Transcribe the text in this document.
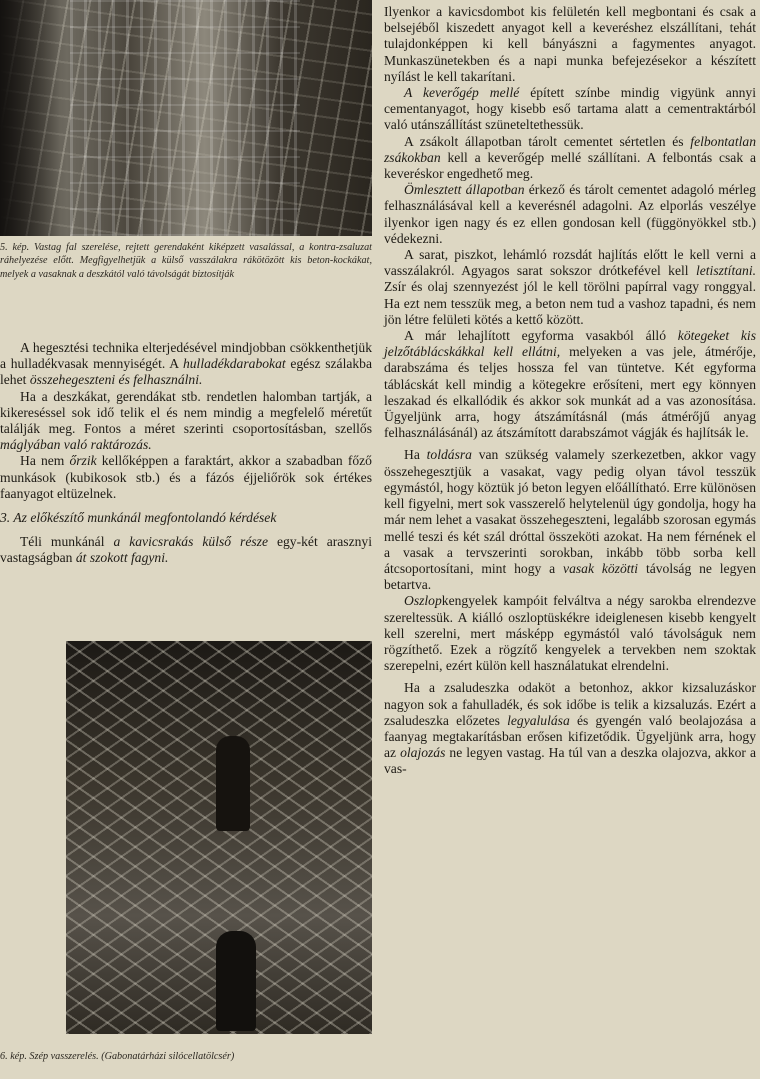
5. kép. Vastag fal szerelése, rejtett gerendaként kiképzett vasalással, a kontra-zsaluzat ráhelyezése előtt. Megfigyelhetjük a külső vasszálakra rákötözött kis beton-kockákat, melyek a vasaknak a deszkától való távolságát biztosítják

A hegesztési technika elterjedésével mindjobban csökkenthetjük a hulladékvasak mennyiségét. A hulladékdarabokat egész szálakba lehet összehegeszteni és felhasználni.

Ha a deszkákat, gerendákat stb. rendetlen halomban tartják, a kikereséssel sok idő telik el és nem mindig a megfelelő méretűt találják meg. Fontos a méret szerinti csoportosításban, szellős máglyában való raktározás.

Ha nem őrzik kellőképpen a faraktárt, akkor a szabadban főző munkások (kubikosok stb.) és a fázós éjjeliőrök sok értékes faanyagot eltüzelnek.

3. Az előkészítő munkánál megfontolandó kérdések

Téli munkánál a kavicsrakás külső része egy-két arasznyi vastagságban át szokott fagyni.

6. kép. Szép vasszerelés. (Gabonatárházi silócellatölcsér)

Ilyenkor a kavicsdombot kis felületén kell megbontani és csak a belsejéből kiszedett anyagot kell a keveréshez elszállítani, tehát tulajdonképpen ki kell bányászni a fagymentes anyagot. Munkaszünetekben és a napi munka befejezésekor a készített nyílást le kell takarítani.

A keverőgép mellé épített színbe mindig vigyünk annyi cementanyagot, hogy kisebb eső tartama alatt a cementraktárból való utánszállítást szüneteltethessük.

A zsákolt állapotban tárolt cementet sértetlen és felbontatlan zsákokban kell a keverőgép mellé szállítani. A felbontás csak a keveréskor engedhető meg.

Ömlesztett állapotban érkező és tárolt cementet adagoló mérleg felhasználásával kell a keverésnél adagolni. Az elporlás veszélye ilyenkor igen nagy és ez ellen gondosan kell (függönyökkel stb.) védekezni.

A sarat, piszkot, lehámló rozsdát hajlítás előtt le kell verni a vasszálakról. Agyagos sarat sokszor drótkefével kell letisztítani. Zsír és olaj szennyezést jól le kell törölni papírral vagy ronggyal. Ha ezt nem tesszük meg, a beton nem tud a vashoz tapadni, és nem jön létre felületi kötés a kettő között.

A már lehajlított egyforma vasakból álló kötegeket kis jelzőtáblácskákkal kell ellátni, melyeken a vas jele, átmérője, darabszáma és teljes hossza fel van tüntetve. Két egyforma táblácskát kell mindig a kötegekre erősíteni, mert egy könnyen leszakad és elkallódik és akkor sok munkát ad a vas azonosítása. Ügyeljünk arra, hogy átszámításnál (más átmérőjű anyag felhasználásánál) az átszámított darabszámot vágják és hajlítsák le.

Ha toldásra van szükség valamely szerkezetben, akkor vagy összehegesztjük a vasakat, vagy pedig olyan távol tesszük egymástól, hogy köztük jó beton legyen előállítható. Erre különösen kell figyelni, mert sok vasszerelő helytelenül úgy gondolja, hogy ha már nem lehet a vasakat összehegeszteni, legalább szorosan egymás mellé teszi és két szál dróttal összeköti azokat. Ha nem férnének el a vasak a tervszerinti sorokban, inkább több sorba kell átcsoportosítani, mint hogy a vasak közötti távolság ne legyen betartva.

Oszlopkengyelek kampóit felváltva a négy sarokba elrendezve szereltessük. A kiálló oszloptüskékre ideiglenesen kisebb kengyelt kell szerelni, mert másképp egymástól való távolságuk nem rögzíthető. Ezek a rögzítő kengyelek a tervekben nem szoktak szerepelni, ezért külön kell használatukat elrendelni.

Ha a zsaludeszka odaköt a betonhoz, akkor kizsaluzáskor nagyon sok a fahulladék, és sok időbe is telik a kizsaluzás. Ezért a zsaludeszka előzetes legyalulása és gyengén való beolajozása a faanyag megtakarításban erősen kifizetődik. Ügyeljünk arra, hogy az olajozás ne legyen vastag. Ha túl van a deszka olajozva, akkor a vas-
